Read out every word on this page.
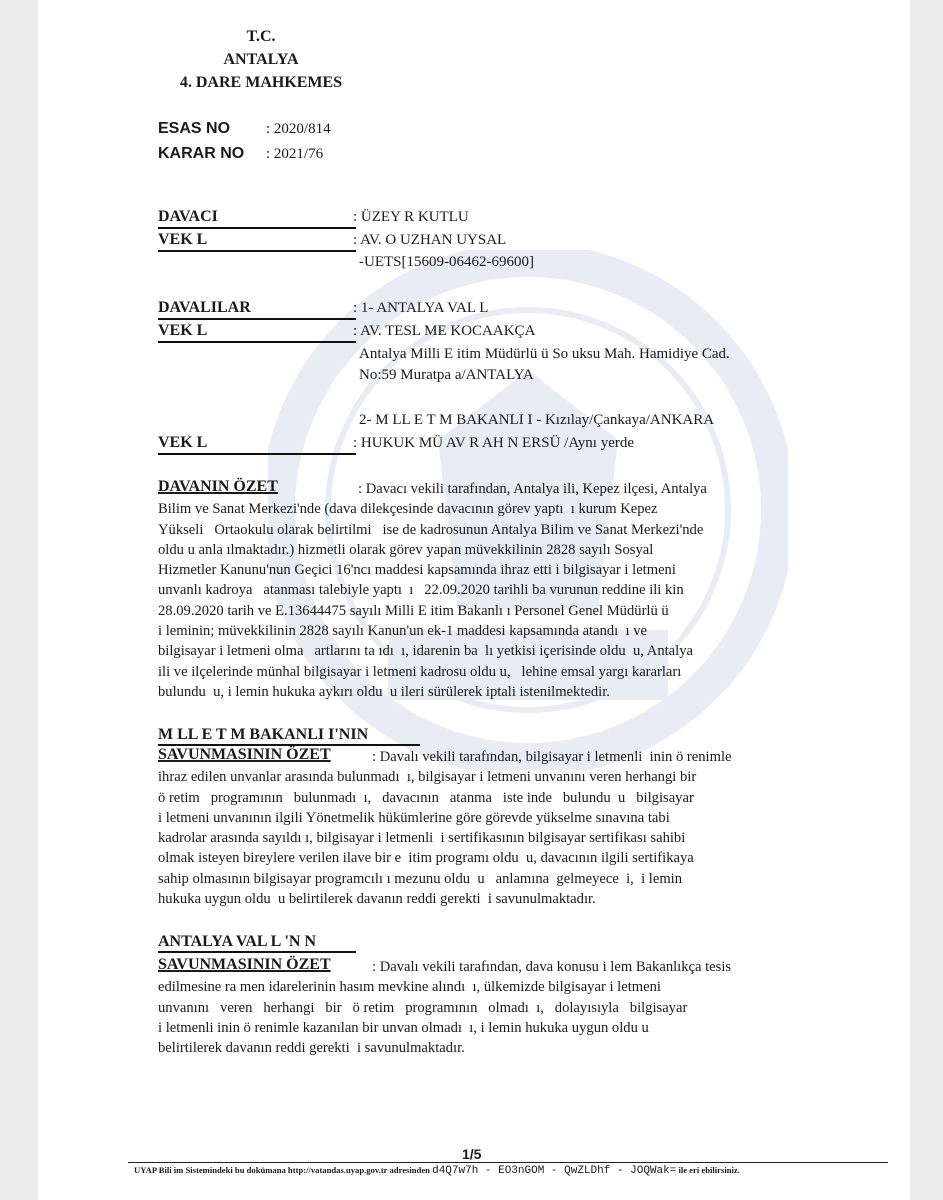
T.C.
ANTALYA
4. DARE MAHKEMES
ESAS NO : 2020/814
KARAR NO : 2021/76
DAVACI	: ÜZEY R KUTLU
VEK L	: AV. O UZHAN UYSAL
-UETS[15609-06462-69600]
DAVALILAR	: 1- ANTALYA VAL L
VEK L	: AV. TESL ME KOCAAKÇA
Antalya Milli E itim Müdürlü ü So uksu Mah. Hamidiye Cad.
No:59 Muratpa a/ANTALYA
2- M LL E T M BAKANLI I - Kızılay/Çankaya/ANKARA
VEK L	: HUKUK MÜ AV R AH N ERSÜ /Aynı yerde
DAVANIN ÖZET	: Davacı vekili tarafından, Antalya ili, Kepez ilçesi, Antalya
Bilim ve Sanat Merkezi'nde (dava dilekçesinde davacının görev yaptı  ı kurum Kepez
Yükseli   Ortaokulu olarak belirtilmi   ise de kadrosunun Antalya Bilim ve Sanat Merkezi'nde
oldu u anla ılmaktadır.) hizmetli olarak görev yapan müvekkilinin 2828 sayılı Sosyal
Hizmetler Kanunu'nun Geçici 16'ncı maddesi kapsamında ihraz etti i bilgisayar i letmeni
unvanlı kadroya   atanması talebiyle yaptı  ı   22.09.2020 tarihli ba vurunun reddine ili kin
28.09.2020 tarih ve E.13644475 sayılı Milli E itim Bakanlı ı Personel Genel Müdürlü ü
i leminin; müvekkilinin 2828 sayılı Kanun'un ek-1 maddesi kapsamında atandı  ı ve
bilgisayar i letmeni olma   artlarını ta ıdı  ı, idarenin ba  lı yetkisi içerisinde oldu  u, Antalya
ili ve ilçelerinde münhal bilgisayar i letmeni kadrosu oldu u,   lehine emsal yargı kararları
bulundu  u, i lemin hukuka aykırı oldu  u ileri sürülerek iptali istenilmektedir.
M LL E T M BAKANLI I'NIN
SAVUNMASININ ÖZET	: Davalı vekili tarafından, bilgisayar i letmenli  inin ö renimle
ihraz edilen unvanlar arasında bulunmadı  ı, bilgisayar i letmeni unvanını veren herhangi bir
ö retim   programının   bulunmadı  ı,   davacının   atanma   iste inde   bulundu  u   bilgisayar
i letmeni unvanının ilgili Yönetmelik hükümlerine göre görevde yükselme sınavına tabi
kadrolar arasında sayıldı ı, bilgisayar i letmenli  i sertifikasının bilgisayar sertifikası sahibi
olmak isteyen bireylere verilen ilave bir e  itim programı oldu  u, davacının ilgili sertifikaya
sahip olmasının bilgisayar programcılı ı mezunu oldu  u   anlamına  gelmeyece  i,  i lemin
hukuka uygun oldu  u belirtilerek davanın reddi gerekti  i savunulmaktadır.
ANTALYA VAL L 'N N
SAVUNMASININ ÖZET	: Davalı vekili tarafından, dava konusu i lem Bakanlıkça tesis
edilmesine ra men idarelerinin hasım mevkine alındı  ı, ülkemizde bilgisayar i letmeni
unvanını   veren   herhangi   bir   ö retim   programının   olmadı  ı,   dolayısıyla   bilgisayar
i letmenli inin ö renimle kazanılan bir unvan olmadı  ı, i lemin hukuka uygun oldu u
belirtilerek davanın reddi gerekti  i savunulmaktadır.
1/5
UYAP Bili im Sistemindeki bu dokümana http://vatandas.uyap.gov.tr adresinden d4Q7w7h - EO3nGOM - QwZLDhf - JOQWak= ile eri ebilirsiniz.
